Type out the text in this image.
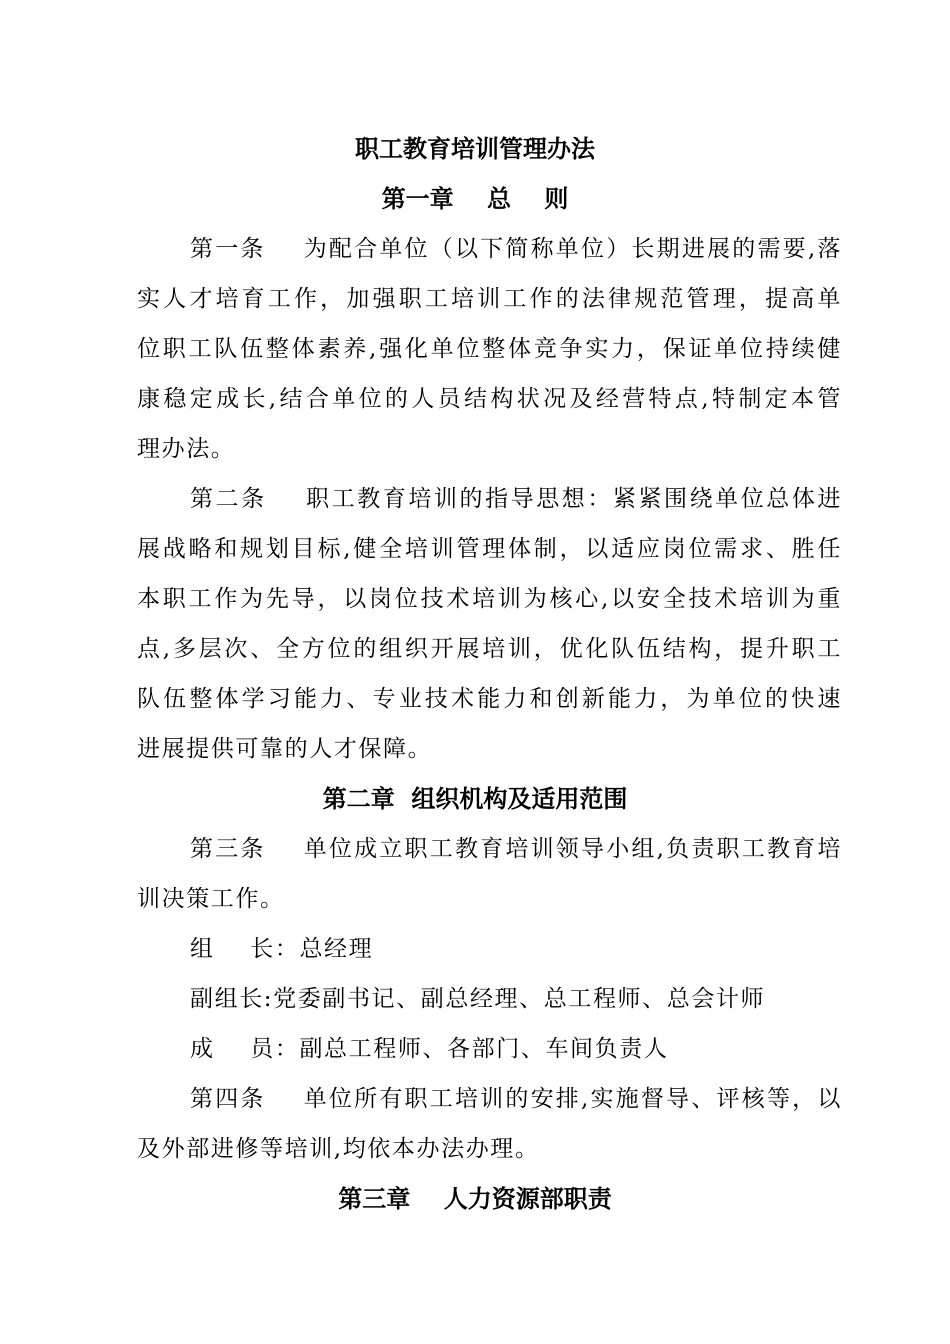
职工教育培训管理办法
第一章    总    则
第一条    为配合单位（以下简称单位）长期进展的需要,落
实人才培育工作，加强职工培训工作的法律规范管理，提高单
位职工队伍整体素养,强化单位整体竞争实力，保证单位持续健
康稳定成长,结合单位的人员结构状况及经营特点,特制定本管
理办法。
第二条    职工教育培训的指导思想：紧紧围绕单位总体进
展战略和规划目标,健全培训管理体制，以适应岗位需求、胜任
本职工作为先导，以岗位技术培训为核心,以安全技术培训为重
点,多层次、全方位的组织开展培训，优化队伍结构，提升职工
队伍整体学习能力、专业技术能力和创新能力，为单位的快速
进展提供可靠的人才保障。
第二章  组织机构及适用范围
第三条    单位成立职工教育培训领导小组,负责职工教育培
训决策工作。
组    长：总经理
副组长:党委副书记、副总经理、总工程师、总会计师
成    员：副总工程师、各部门、车间负责人
第四条    单位所有职工培训的安排,实施督导、评核等，以
及外部进修等培训,均依本办法办理。
第三章    人力资源部职责
